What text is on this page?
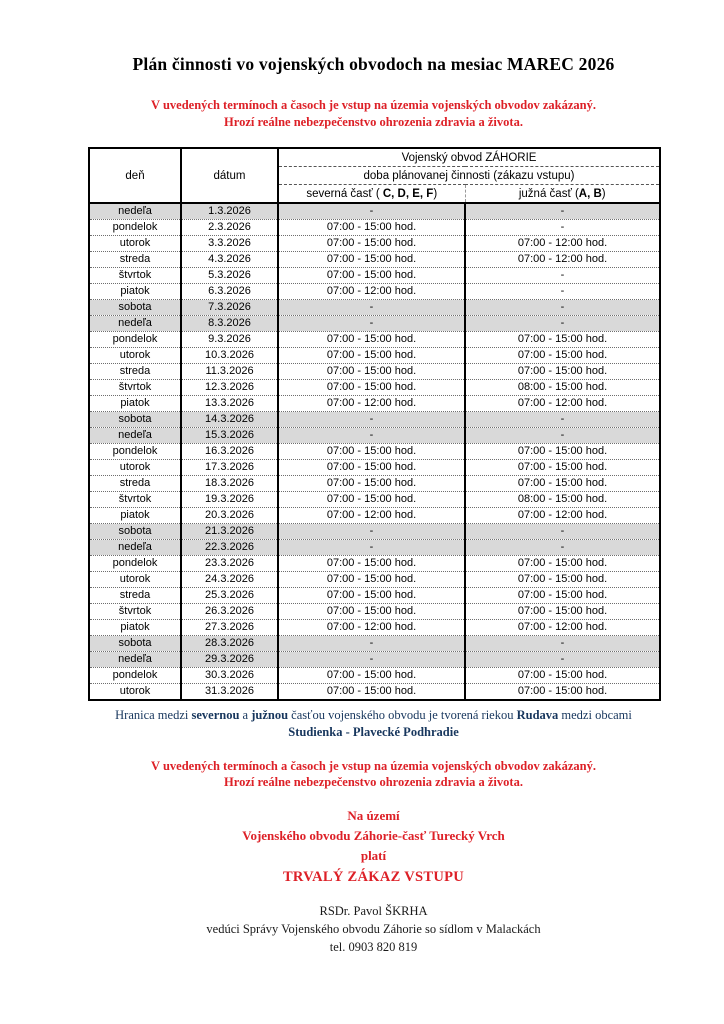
Plán činnosti vo vojenských obvodoch na mesiac MAREC 2026
V uvedených termínoch a časoch je vstup na územia vojenských obvodov zakázaný.
Hrozí reálne nebezpečenstvo ohrozenia zdravia a života.
deň	dátum	Vojenský obvod ZÁHORIE	
		doba plánovanej činnosti (zákazu vstupu)	
		severná časť ( C, D, E, F)	južná časť (A, B)
nedeľa	1.3.2026	-	-
pondelok	2.3.2026	07:00 - 15:00 hod.	-
utorok	3.3.2026	07:00 - 15:00 hod.	07:00 - 12:00 hod.
streda	4.3.2026	07:00 - 15:00 hod.	07:00 - 12:00 hod.
štvrtok	5.3.2026	07:00 - 15:00 hod.	-
piatok	6.3.2026	07:00 - 12:00 hod.	-
sobota	7.3.2026	-	-
nedeľa	8.3.2026	-	-
pondelok	9.3.2026	07:00 - 15:00 hod.	07:00 - 15:00 hod.
utorok	10.3.2026	07:00 - 15:00 hod.	07:00 - 15:00 hod.
streda	11.3.2026	07:00 - 15:00 hod.	07:00 - 15:00 hod.
štvrtok	12.3.2026	07:00 - 15:00 hod.	08:00 - 15:00 hod.
piatok	13.3.2026	07:00 - 12:00 hod.	07:00 - 12:00 hod.
sobota	14.3.2026	-	-
nedeľa	15.3.2026	-	-
pondelok	16.3.2026	07:00 - 15:00 hod.	07:00 - 15:00 hod.
utorok	17.3.2026	07:00 - 15:00 hod.	07:00 - 15:00 hod.
streda	18.3.2026	07:00 - 15:00 hod.	07:00 - 15:00 hod.
štvrtok	19.3.2026	07:00 - 15:00 hod.	08:00 - 15:00 hod.
piatok	20.3.2026	07:00 - 12:00 hod.	07:00 - 12:00 hod.
sobota	21.3.2026	-	-
nedeľa	22.3.2026	-	-
pondelok	23.3.2026	07:00 - 15:00 hod.	07:00 - 15:00 hod.
utorok	24.3.2026	07:00 - 15:00 hod.	07:00 - 15:00 hod.
streda	25.3.2026	07:00 - 15:00 hod.	07:00 - 15:00 hod.
štvrtok	26.3.2026	07:00 - 15:00 hod.	07:00 - 15:00 hod.
piatok	27.3.2026	07:00 - 12:00 hod.	07:00 - 12:00 hod.
sobota	28.3.2026	-	-
nedeľa	29.3.2026	-	-
pondelok	30.3.2026	07:00 - 15:00 hod.	07:00 - 15:00 hod.
utorok	31.3.2026	07:00 - 15:00 hod.	07:00 - 15:00 hod.
Hranica medzi severnou a južnou časťou vojenského obvodu je tvorená riekou Rudava medzi obcami
Studienka - Plavecké Podhradie
V uvedených termínoch a časoch je vstup na územia vojenských obvodov zakázaný.
Hrozí reálne nebezpečenstvo ohrozenia zdravia a života.
Na území
Vojenského obvodu Záhorie-časť Turecký Vrch
platí
TRVALÝ ZÁKAZ VSTUPU
RSDr. Pavol ŠKRHA
vedúci Správy Vojenského obvodu Záhorie so sídlom v Malackách
tel. 0903 820 819
